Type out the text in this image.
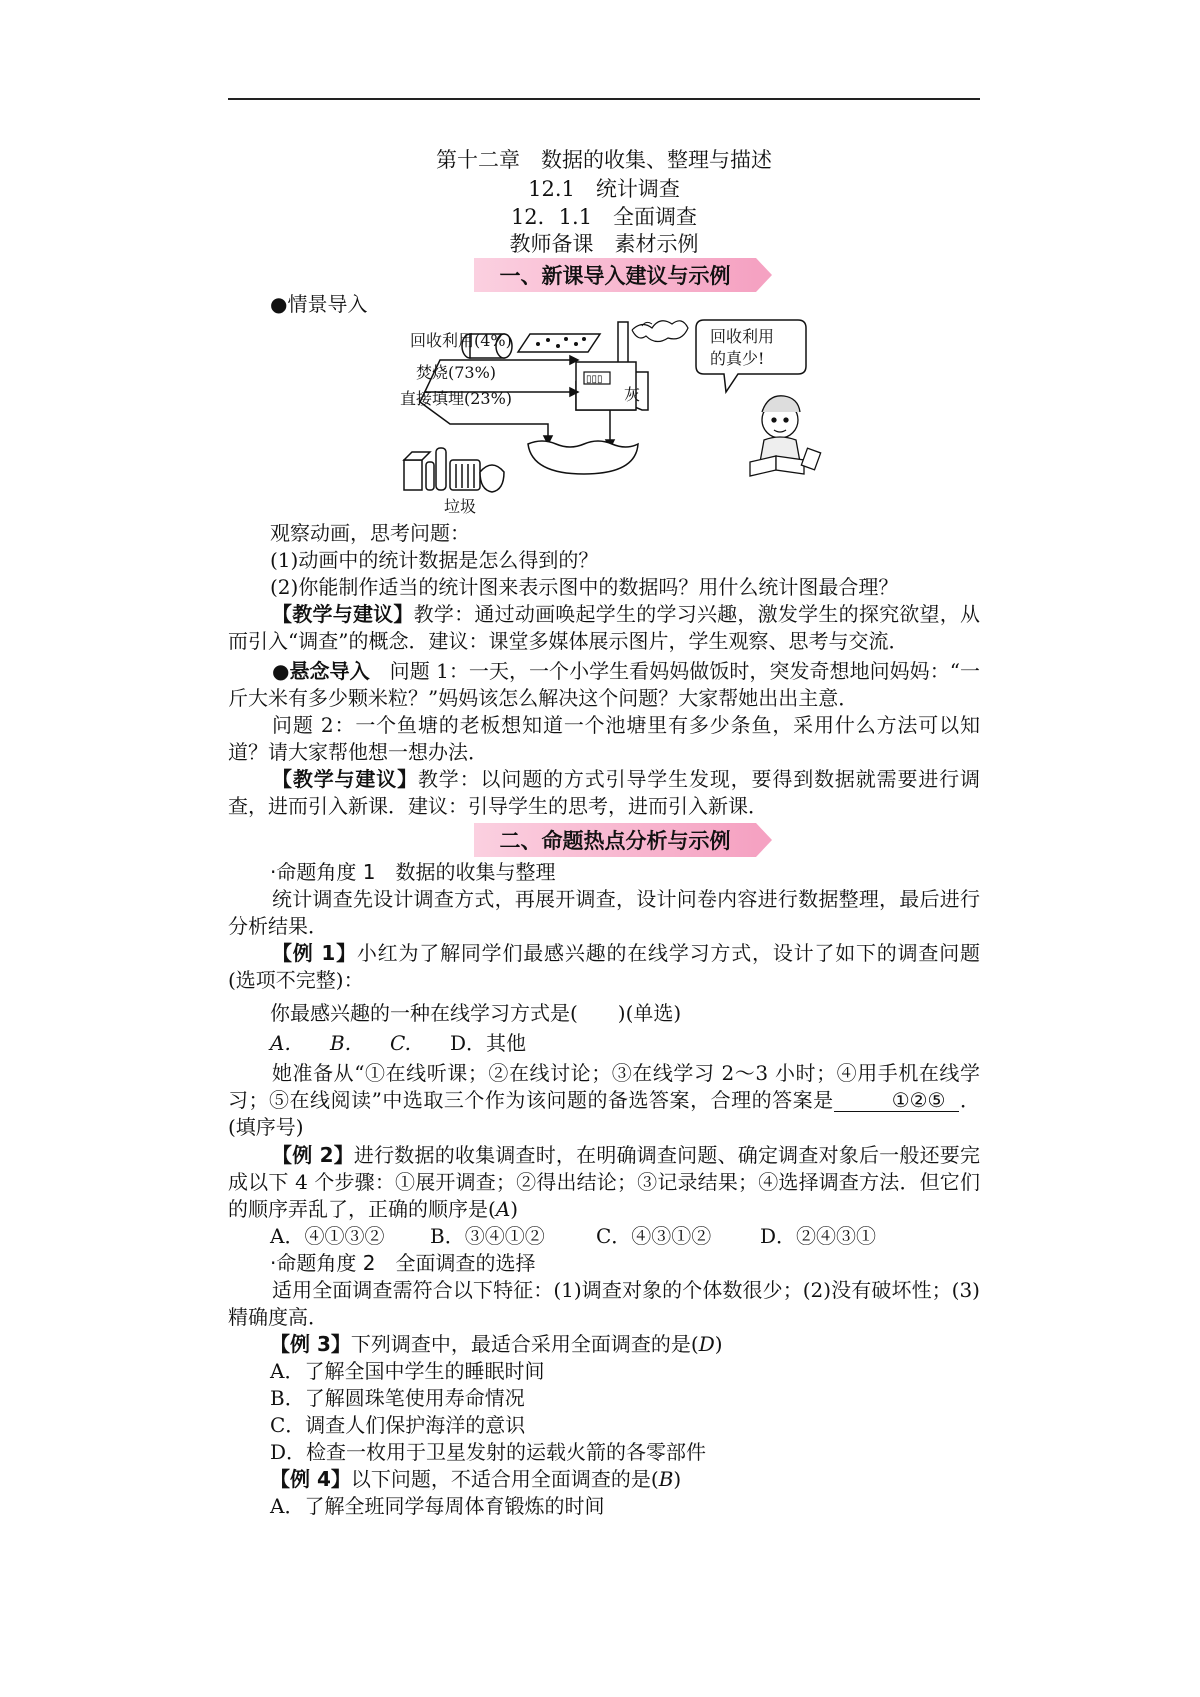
第十二章　数据的收集、整理与描述
12.1　统计调查
12．1.1　全面调查
教师备课　素材示例
一、新课导入建议与示例
●情景导入
▯▯▯
回收利用(4%)
焚烧(73%)
直接填埋(23%)	灰
垃圾
回收利用
的真少!
观察动画，思考问题：
(1)动画中的统计数据是怎么得到的？
(2)你能制作适当的统计图来表示图中的数据吗？用什么统计图最合理？
【教学与建议】教学：通过动画唤起学生的学习兴趣，激发学生的探究欲望，从而引入“调查”的概念．建议：课堂多媒体展示图片，学生观察、思考与交流．
●悬念导入　问题 1：一天，一个小学生看妈妈做饭时，突发奇想地问妈妈：“一斤大米有多少颗米粒？”妈妈该怎么解决这个问题？大家帮她出出主意．
问题 2：一个鱼塘的老板想知道一个池塘里有多少条鱼，采用什么方法可以知道？请大家帮他想一想办法．
【教学与建议】教学：以问题的方式引导学生发现，要得到数据就需要进行调查，进而引入新课．建议：引导学生的思考，进而引入新课．
二、命题热点分析与示例
·命题角度 1　数据的收集与整理
统计调查先设计调查方式，再展开调查，设计问卷内容进行数据整理，最后进行分析结果．
【例 1】小红为了解同学们最感兴趣的在线学习方式，设计了如下的调查问题(选项不完整)：
你最感兴趣的一种在线学习方式是(　　)(单选)
A. B. C. D．其他
她准备从“①在线听课；②在线讨论；③在线学习 2～3 小时；④用手机在线学习；⑤在线阅读”中选取三个作为该问题的备选答案，合理的答案是	①②⑤ ．(填序号)
【例 2】进行数据的收集调查时，在明确调查问题、确定调查对象后一般还要完成以下 4 个步骤：①展开调查；②得出结论；③记录结果；④选择调查方法．但它们的顺序弄乱了，正确的顺序是(A)
A．④①③② B．③④①②	C．④③①② D．②④③①
·命题角度 2　全面调查的选择
适用全面调查需符合以下特征：(1)调查对象的个体数很少；(2)没有破坏性；(3)精确度高．
【例 3】下列调查中，最适合采用全面调查的是(D)
A．了解全国中学生的睡眠时间
B．了解圆珠笔使用寿命情况
C．调查人们保护海洋的意识
D．检查一枚用于卫星发射的运载火箭的各零部件
【例 4】以下问题，不适合用全面调查的是(B)
A．了解全班同学每周体育锻炼的时间
